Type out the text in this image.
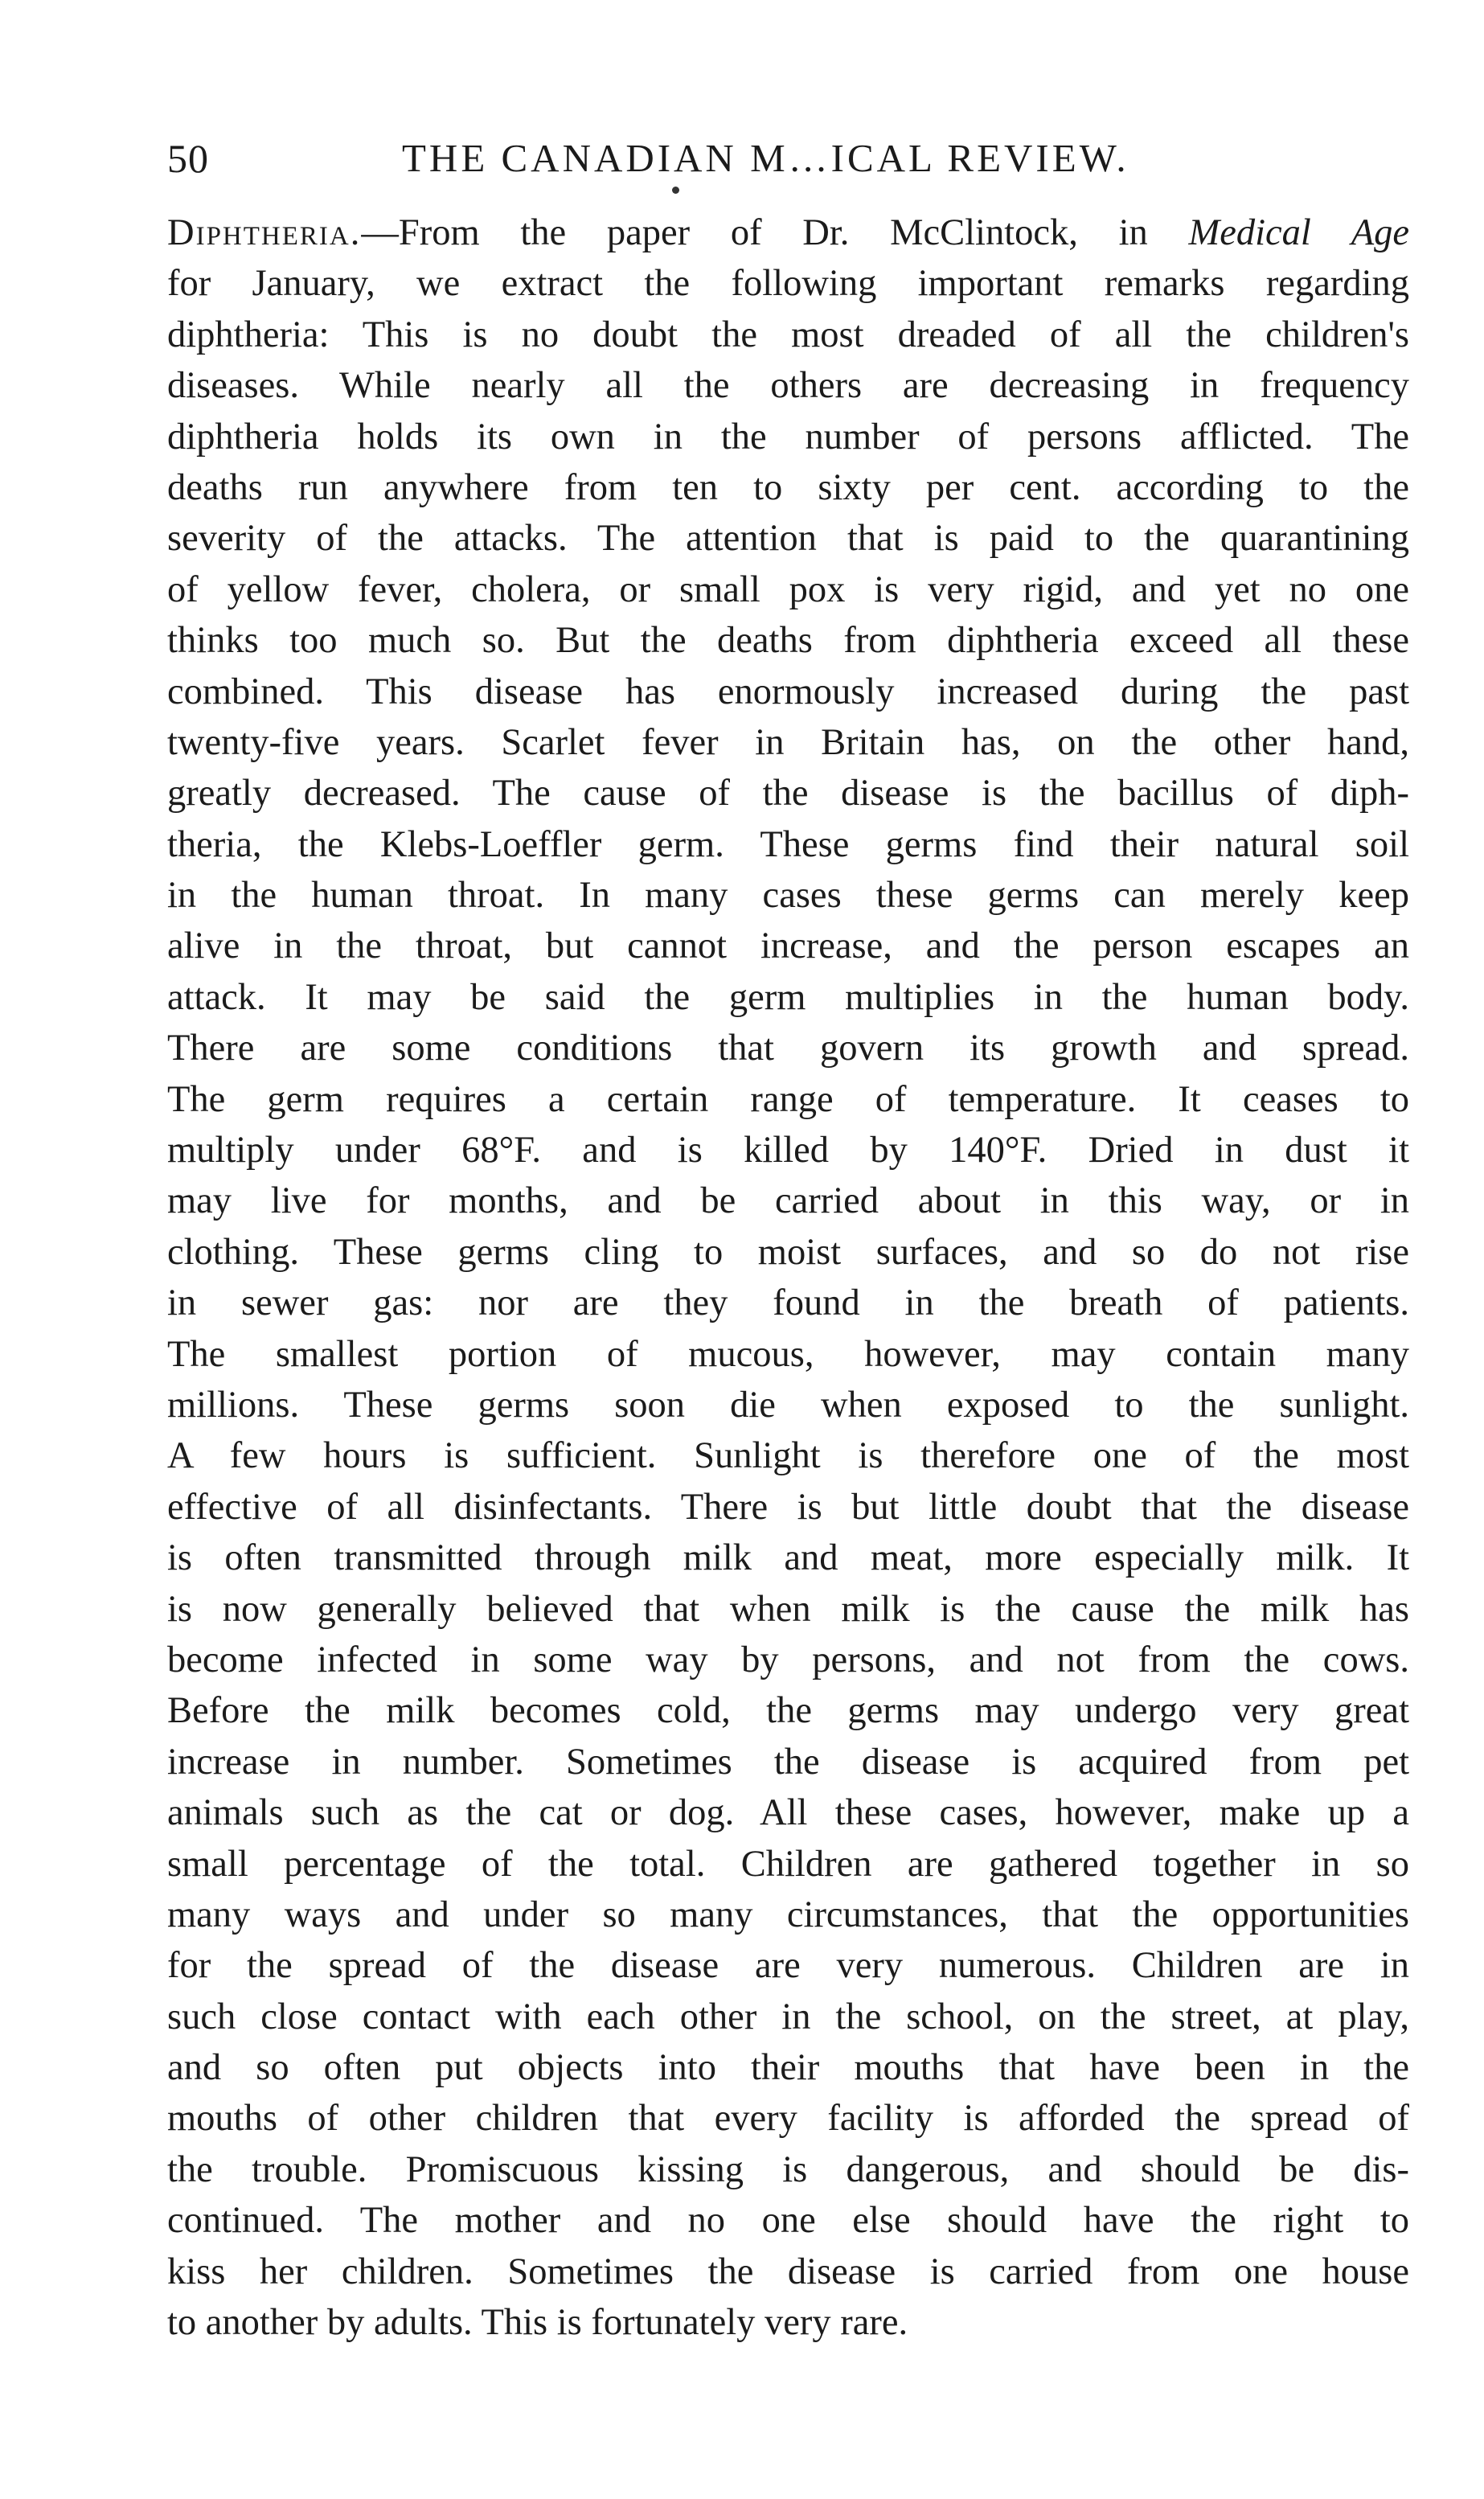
50	THE CANADIAN M…ICAL REVIEW.
Diphtheria.—From the paper of Dr. McClintock, in Medical Age
for January, we extract the following important remarks regarding
diphtheria: This is no doubt the most dreaded of all the children's
diseases. While nearly all the others are decreasing in frequency
diphtheria holds its own in the number of persons afflicted. The
deaths run anywhere from ten to sixty per cent. according to the
severity of the attacks. The attention that is paid to the quarantining
of yellow fever, cholera, or small pox is very rigid, and yet no one
thinks too much so. But the deaths from diphtheria exceed all these
combined. This disease has enormously increased during the past
twenty-five years. Scarlet fever in Britain has, on the other hand,
greatly decreased. The cause of the disease is the bacillus of diph-
theria, the Klebs-Loeffler germ. These germs find their natural soil
in the human throat. In many cases these germs can merely keep
alive in the throat, but cannot increase, and the person escapes an
attack. It may be said the germ multiplies in the human body.
There are some conditions that govern its growth and spread.
The germ requires a certain range of temperature. It ceases to
multiply under 68°F. and is killed by 140°F. Dried in dust it
may live for months, and be carried about in this way, or in
clothing. These germs cling to moist surfaces, and so do not rise
in sewer gas: nor are they found in the breath of patients.
The smallest portion of mucous, however, may contain many
millions. These germs soon die when exposed to the sunlight.
A few hours is sufficient. Sunlight is therefore one of the most
effective of all disinfectants. There is but little doubt that the disease
is often transmitted through milk and meat, more especially milk. It
is now generally believed that when milk is the cause the milk has
become infected in some way by persons, and not from the cows.
Before the milk becomes cold, the germs may undergo very great
increase in number. Sometimes the disease is acquired from pet
animals such as the cat or dog. All these cases, however, make up a
small percentage of the total. Children are gathered together in so
many ways and under so many circumstances, that the opportunities
for the spread of the disease are very numerous. Children are in
such close contact with each other in the school, on the street, at play,
and so often put objects into their mouths that have been in the
mouths of other children that every facility is afforded the spread of
the trouble. Promiscuous kissing is dangerous, and should be dis-
continued. The mother and no one else should have the right to
kiss her children. Sometimes the disease is carried from one house
to another by adults. This is fortunately very rare.
